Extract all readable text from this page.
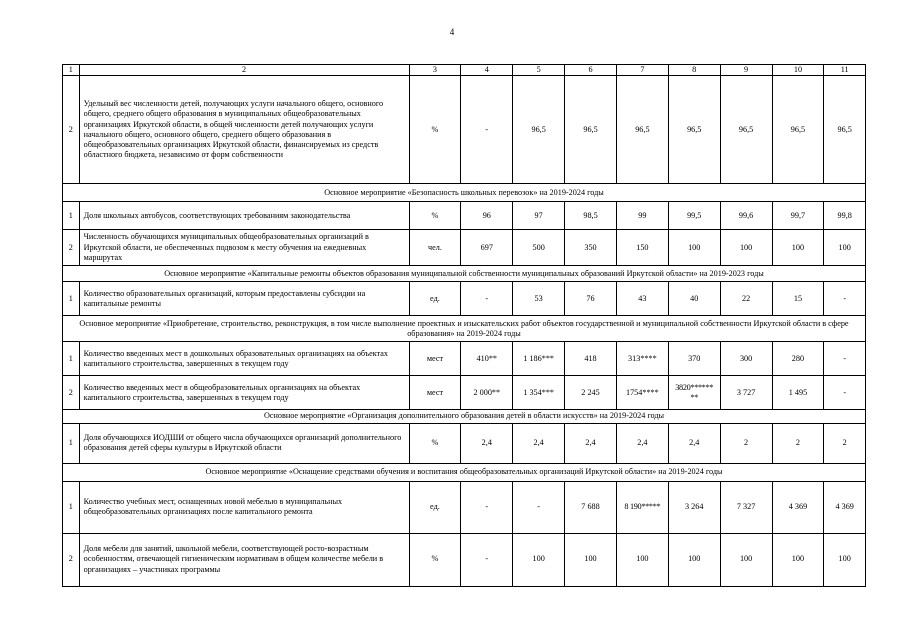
4
1	2	3	4	5	6	7	8	9	10	11
2	Удельный вес численности детей, получающих услуги начального общего, основного общего, среднего общего образования в муниципальных общеобразовательных организациях Иркутской области, в общей численности детей получающих услуги начального общего, основного общего, среднего общего образования в общеобразовательных организациях Иркутской области, финансируемых из средств областного бюджета, независимо от форм собственности	%	-	96,5	96,5	96,5	96,5	96,5	96,5	96,5
Основное мероприятие «Безопасность школьных перевозок» на 2019-2024 годы										
1	Доля школьных автобусов, соответствующих требованиям законодательства	%	96	97	98,5	99	99,5	99,6	99,7	99,8
2	Численность обучающихся муниципальных общеобразовательных организаций в Иркутской области, не обеспеченных подвозом к месту обучения на ежедневных маршрутах	чел.	697	500	350	150	100	100	100	100
Основное мероприятие «Капитальные ремонты объектов образования муниципальной собственности муниципальных образований Иркутской области» на 2019-2023 годы										
1	Количество образовательных организаций, которым предоставлены субсидии на капитальные ремонты	ед.	-	53	76	43	40	22	15	-
Основное мероприятие «Приобретение, строительство, реконструкция, в том числе выполнение проектных и изыскательских работ объектов государственной и муниципальной собственности Иркутской области в сфере образования» на 2019-2024 годы										
1	Количество введенных мест в дошкольных образовательных организациях на объектах капитального строительства, завершенных в текущем году	мест	410**	1 186***	418	313****	370	300	280	-
2	Количество введенных мест в общеобразовательных организациях на объектах капитального строительства, завершенных в текущем году	мест	2 000**	1 354***	2 245	1754****	3820****** **	3 727	1 495	-
Основное мероприятие «Организация дополнительного образования детей в области искусств» на 2019-2024 годы										
1	Доля обучающихся ИОДШИ от общего числа обучающихся организаций дополнительного образования детей сферы культуры в Иркутской области	%	2,4	2,4	2,4	2,4	2,4	2	2	2
Основное мероприятие «Оснащение средствами обучения и воспитания общеобразовательных организаций Иркутской области» на 2019-2024 годы										
1	Количество учебных мест, оснащенных новой мебелью в муниципальных общеобразовательных организациях после капитального ремонта	ед.	-	-	7 688	8 190*****	3 264	7 327	4 369	4 369
2	Доля мебели для занятий, школьной мебели, соответствующей росто-возрастным особенностям, отвечающей гигиеническим нормативам в общем количестве мебели в организациях – участниках программы	%	-	100	100	100	100	100	100	100
